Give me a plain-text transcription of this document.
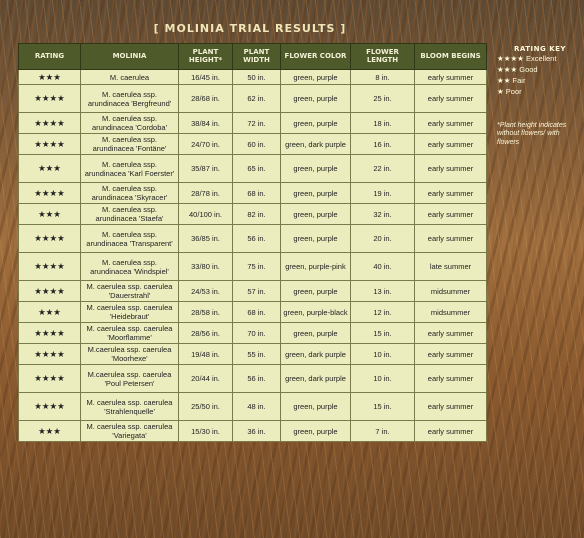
[ MOLINIA TRIAL RESULTS ]
RATING	MOLINIA	PLANT HEIGHT*	PLANT WIDTH	FLOWER COLOR	FLOWER LENGTH	BLOOM BEGINS
★★★	M. caerulea	16/45 in.	50 in.	green, purple	8 in.	early summer
★★★★	M. caerulea ssp. arundinacea 'Bergfreund'	28/68 in.	62 in.	green, purple	25 in.	early summer
★★★★	M. caerulea ssp. arundinacea 'Cordoba'	38/84 in.	72 in.	green, purple	18 in.	early summer
★★★★	M. caerulea ssp. arundinacea 'Fontäne'	24/70 in.	60 in.	green, dark purple	16 in.	early summer
★★★	M. caerulea ssp. arundinacea 'Karl Foerster'	35/87 in.	65 in.	green, purple	22 in.	early summer
★★★★	M. caerulea ssp. arundinacea 'Skyracer'	28/78 in.	68 in.	green, purple	19 in.	early summer
★★★	M. caerulea ssp. arundinacea 'Staefa'	40/100 in.	82 in.	green, purple	32 in.	early summer
★★★★	M. caerulea ssp. arundinacea 'Transparent'	36/85 in.	56 in.	green, purple	20 in.	early summer
★★★★	M. caerulea ssp. arundinacea 'Windspiel'	33/80 in.	75 in.	green, purple-pink	40 in.	late summer
★★★★	M. caerulea ssp. caerulea 'Dauerstrahl'	24/53 in.	57 in.	green, purple	13 in.	midsummer
★★★	M. caerulea ssp. caerulea 'Heidebraut'	28/58 in.	68 in.	green, purple-black	12 in.	midsummer
★★★★	M. caerulea ssp. caerulea 'Moorflamme'	28/56 in.	70 in.	green, purple	15 in.	early summer
★★★★	M.caerulea ssp. caerulea 'Moorhexe'	19/48 in.	55 in.	green, dark purple	10 in.	early summer
★★★★	M.caerulea ssp. caerulea 'Poul Petersen'	20/44 in.	56 in.	green, dark purple	10 in.	early summer
★★★★	M. caerulea ssp. caerulea 'Strahlenquelle'	25/50 in.	48 in.	green, purple	15 in.	early summer
★★★	M. caerulea ssp. caerulea 'Variegata'	15/30 in.	36 in.	green, purple	7 in.	early summer
RATING KEY
★★★★ Excellent
★★★ Good
★★ Fair
★ Poor
*Plant height indicates without flowers/ with flowers
